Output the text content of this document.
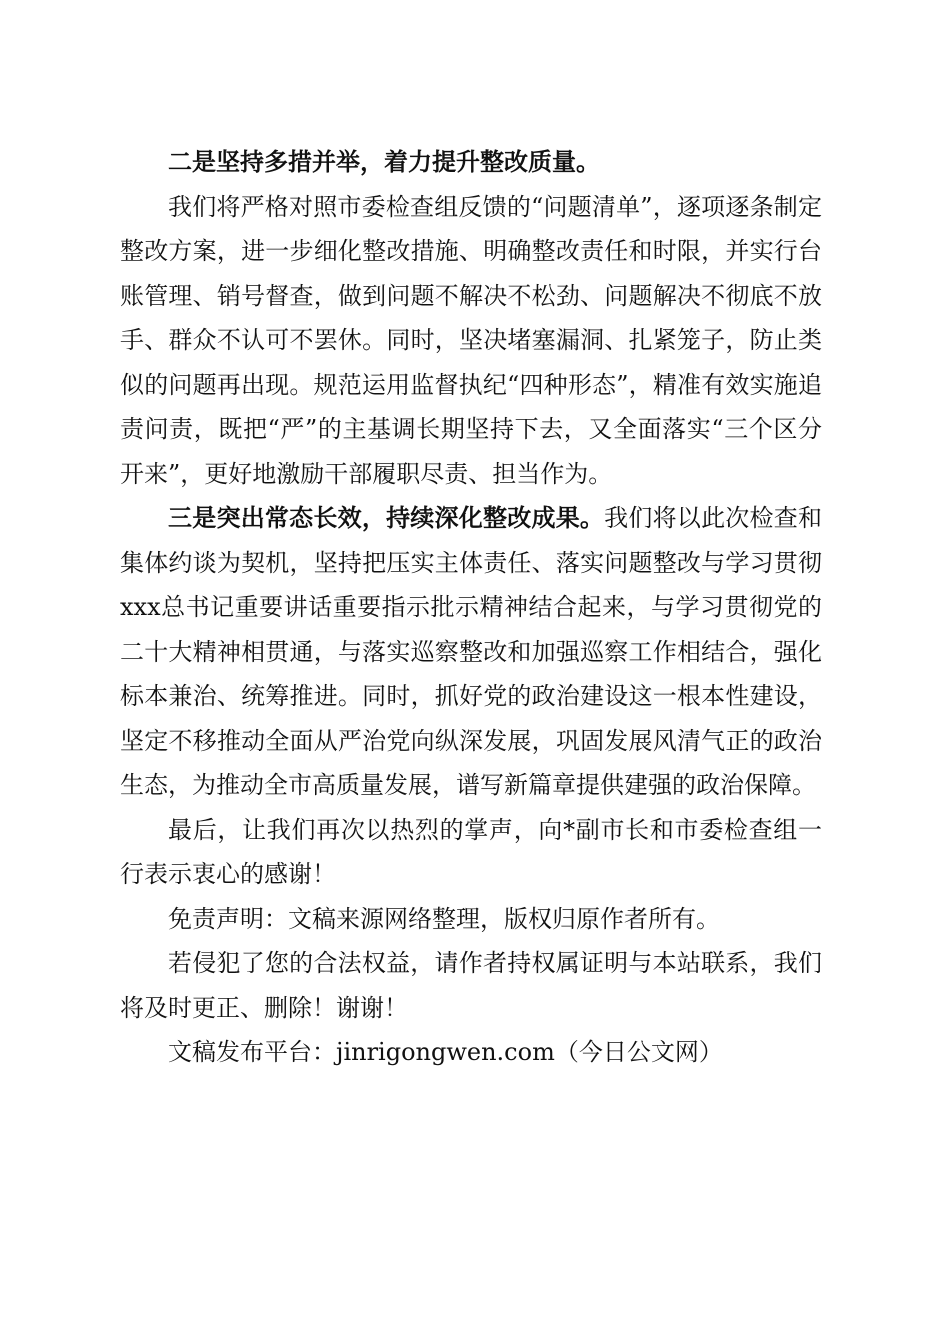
二是坚持多措并举，着力提升整改质量。

我们将严格对照市委检查组反馈的“问题清单”，逐项逐条制定整改方案，进一步细化整改措施、明确整改责任和时限，并实行台账管理、销号督查，做到问题不解决不松劲、问题解决不彻底不放手、群众不认可不罢休。同时，坚决堵塞漏洞、扎紧笼子，防止类似的问题再出现。规范运用监督执纪“四种形态”，精准有效实施追责问责，既把“严”的主基调长期坚持下去，又全面落实“三个区分开来”，更好地激励干部履职尽责、担当作为。

三是突出常态长效，持续深化整改成果。我们将以此次检查和集体约谈为契机，坚持把压实主体责任、落实问题整改与学习贯彻xxx总书记重要讲话重要指示批示精神结合起来，与学习贯彻党的二十大精神相贯通，与落实巡察整改和加强巡察工作相结合，强化标本兼治、统筹推进。同时，抓好党的政治建设这一根本性建设，坚定不移推动全面从严治党向纵深发展，巩固发展风清气正的政治生态，为推动全市高质量发展，谱写新篇章提供建强的政治保障。

最后，让我们再次以热烈的掌声，向*副市长和市委检查组一行表示衷心的感谢！

免责声明：文稿来源网络整理，版权归原作者所有。

若侵犯了您的合法权益，请作者持权属证明与本站联系，我们将及时更正、删除！谢谢！

文稿发布平台：jinrigongwen.com（今日公文网）
